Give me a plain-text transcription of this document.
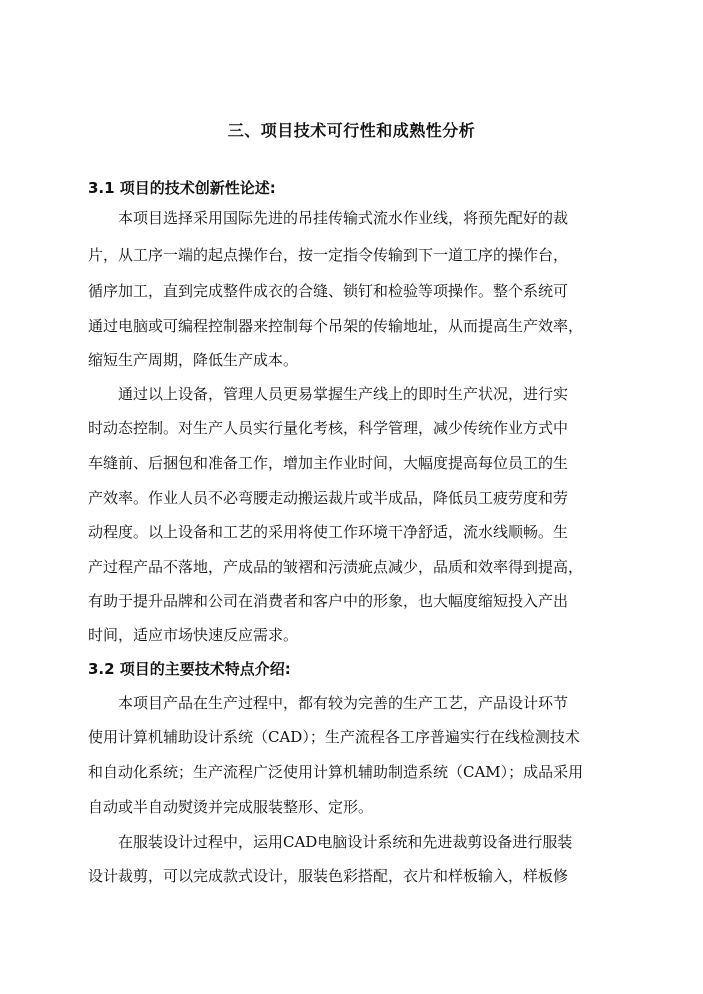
三、项目技术可行性和成熟性分析
3.1 项目的技术创新性论述:
本项目选择采用国际先进的吊挂传输式流水作业线，将预先配好的裁
片，从工序一端的起点操作台，按一定指令传输到下一道工序的操作台，
循序加工，直到完成整件成衣的合缝、锁钉和检验等项操作。整个系统可
通过电脑或可编程控制器来控制每个吊架的传输地址，从而提高生产效率，
缩短生产周期，降低生产成本。
通过以上设备，管理人员更易掌握生产线上的即时生产状况，进行实
时动态控制。对生产人员实行量化考核，科学管理，减少传统作业方式中
车缝前、后捆包和准备工作，增加主作业时间，大幅度提高每位员工的生
产效率。作业人员不必弯腰走动搬运裁片或半成品，降低员工疲劳度和劳
动程度。以上设备和工艺的采用将使工作环境干净舒适，流水线顺畅。生
产过程产品不落地，产成品的皱褶和污渍疵点减少，品质和效率得到提高，
有助于提升品牌和公司在消费者和客户中的形象，也大幅度缩短投入产出
时间，适应市场快速反应需求。
3.2 项目的主要技术特点介绍:
本项目产品在生产过程中，都有较为完善的生产工艺，产品设计环节
使用计算机辅助设计系统（CAD）；生产流程各工序普遍实行在线检测技术
和自动化系统；生产流程广泛使用计算机辅助制造系统（CAM）；成品采用
自动或半自动熨烫并完成服装整形、定形。
在服装设计过程中，运用CAD电脑设计系统和先进裁剪设备进行服装
设计裁剪，可以完成款式设计，服装色彩搭配，衣片和样板输入，样板修
